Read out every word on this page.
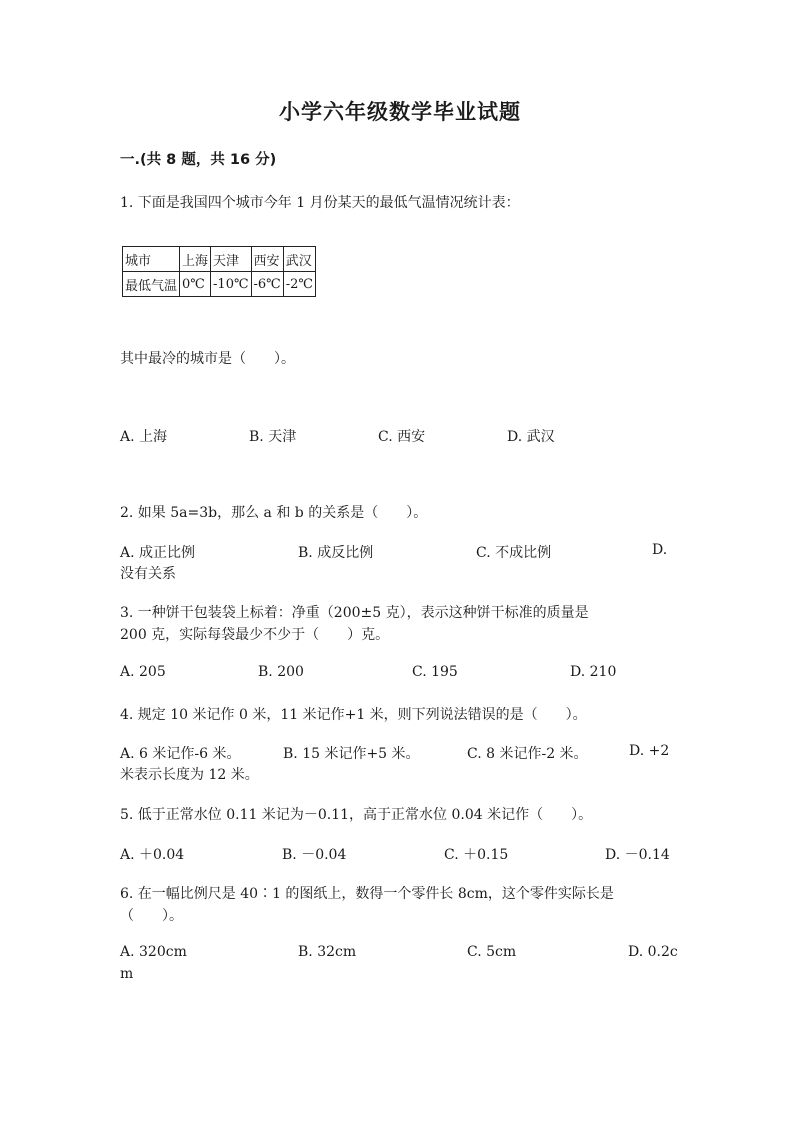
小学六年级数学毕业试题
一.(共 8 题，共 16 分)
1. 下面是我国四个城市今年 1 月份某天的最低气温情况统计表：
城市	上海	天津	西安	武汉
最低气温	0℃	-10℃	-6℃	-2℃
其中最冷的城市是（　　）。
A. 上海	B. 天津	C. 西安	D. 武汉
2. 如果 5a=3b，那么 a 和 b 的关系是（　　）。
A. 成正比例	B. 成反比例	C. 不成比例	D.
没有关系
3. 一种饼干包装袋上标着：净重（200±5 克），表示这种饼干标准的质量是
200 克，实际每袋最少不少于（　　）克。
A. 205	B. 200	C. 195	D. 210
4. 规定 10 米记作 0 米，11 米记作+1 米，则下列说法错误的是（　　）。
A. 6 米记作-6 米。	B. 15 米记作+5 米。	C. 8 米记作-2 米。	D. +2
米表示长度为 12 米。
5. 低于正常水位 0.11 米记为－0.11，高于正常水位 0.04 米记作（　　）。
A. ＋0.04	B. －0.04	C. ＋0.15	D. －0.14
6. 在一幅比例尺是 40∶1 的图纸上，数得一个零件长 8cm，这个零件实际长是
（　　）。
A. 320cm	B. 32cm	C. 5cm	D. 0.2c
m
